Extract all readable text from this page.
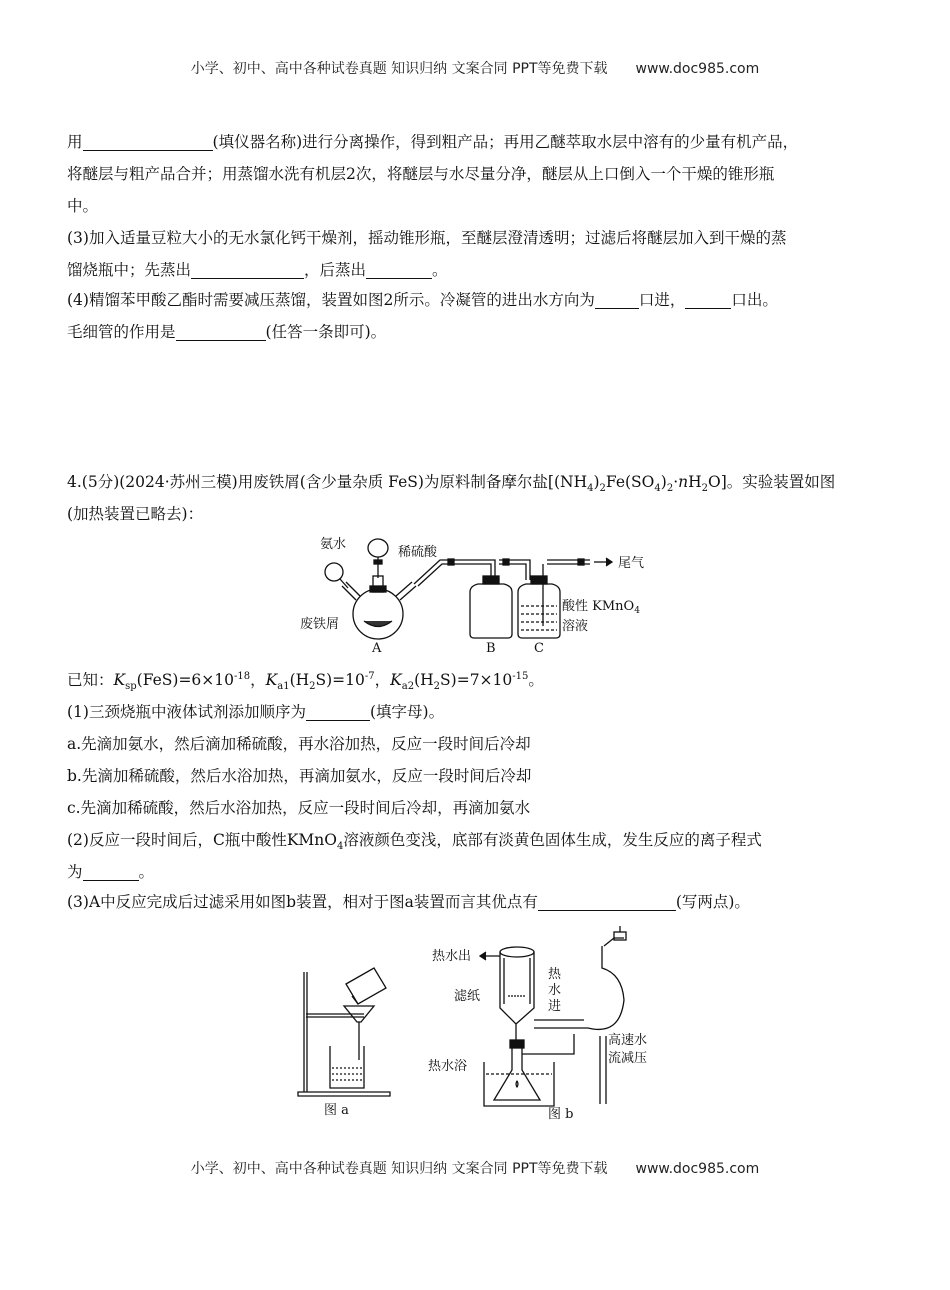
小学、初中、高中各种试卷真题 知识归纳 文案合同 PPT等免费下载 www.doc985.com

用	(填仪器名称)进行分离操作，得到粗产品；再用乙醚萃取水层中溶有的少量有机产品，
将醚层与粗产品合并；用蒸馏水洗有机层2次，将醚层与水尽量分净，醚层从上口倒入一个干燥的锥形瓶
中。

(3)加入适量豆粒大小的无水氯化钙干燥剂，摇动锥形瓶，至醚层澄清透明；过滤后将醚层加入到干燥的蒸
馏烧瓶中；先蒸出	，后蒸出	。

(4)精馏苯甲酸乙酯时需要减压蒸馏，装置如图2所示。冷凝管的进出水方向为	口进，	口出。
毛细管的作用是	(任答一条即可)。

4.(5分)(2024·苏州三模)用废铁屑(含少量杂质 FeS)为原料制备摩尔盐$[(NH_4)_2Fe(SO_4)_2\cdot nH_2O]$。实验装置如图
(加热装置已略去)：

氨水
稀硫酸
尾气
废铁屑
酸性 KMnO$_4$
溶液
A	B	C

已知：$K_{sp}(FeS)=6\times 10^{-18}$，$K_{a1}(H_2S)=10^{-7}$，$K_{a2}(H_2S)=7\times 10^{-15}$。

(1)三颈烧瓶中液体试剂添加顺序为	(填字母)。
a.先滴加氨水，然后滴加稀硫酸，再水浴加热，反应一段时间后冷却
b.先滴加稀硫酸，然后水浴加热，再滴加氨水，反应一段时间后冷却
c.先滴加稀硫酸，然后水浴加热，反应一段时间后冷却，再滴加氨水

(2)反应一段时间后，C瓶中酸性KMnO$_4$溶液颜色变浅，底部有淡黄色固体生成，发生反应的离子程式
为	。

(3)A中反应完成后过滤采用如图b装置，相对于图a装置而言其优点有	(写两点)。

图 a
热水出
热
水
进
滤纸
高速水
流减压
热水浴
图 b
小学、初中、高中各种试卷真题 知识归纳 文案合同 PPT等免费下载 www.doc985.com
